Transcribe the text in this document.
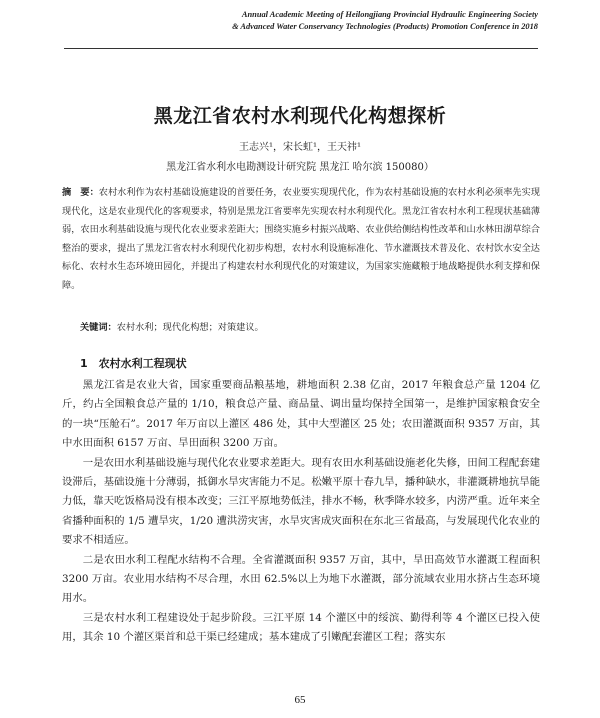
Annual Academic Meeting of Heilongjiang Provincial Hydraulic Engineering Society
& Advanced Water Conservancy Technologies (Products) Promotion Conference in 2018
黑龙江省农村水利现代化构想探析
王志兴¹，宋长虹¹，王天祎¹
黑龙江省水利水电勘测设计研究院 黑龙江 哈尔滨 150080）
摘　要：农村水利作为农村基础设施建设的首要任务，农业要实现现代化，作为农村基础设施的农村水利必须率先实现现代化，这是农业现代化的客观要求，特别是黑龙江省要率先实现农村水利现代化。黑龙江省农村水利工程现状基础薄弱，农田水利基础设施与现代化农业要求差距大；围绕实施乡村振兴战略、农业供给侧结构性改革和山水林田湖草综合整治的要求，提出了黑龙江省农村水利现代化初步构想，农村水利设施标准化、节水灌溉技术普及化、农村饮水安全达标化、农村水生态环境田园化，并提出了构建农村水利现代化的对策建议，为国家实施藏粮于地战略提供水利支撑和保障。
关键词：农村水利；现代化构想；对策建议。
1　农村水利工程现状

黑龙江省是农业大省，国家重要商品粮基地，耕地面积 2.38 亿亩，2017 年粮食总产量 1204 亿斤，约占全国粮食总产量的 1/10，粮食总产量、商品量、调出量均保持全国第一，是维护国家粮食安全的一块“压舱石”。2017 年万亩以上灌区 486 处，其中大型灌区 25 处；农田灌溉面积 9357 万亩，其中水田面积 6157 万亩、旱田面积 3200 万亩。

一是农田水利基础设施与现代化农业要求差距大。现有农田水利基础设施老化失修，田间工程配套建设滞后，基础设施十分薄弱，抵御水旱灾害能力不足。松嫩平原十春九旱，播种缺水，非灌溉耕地抗旱能力低，靠天吃饭格局没有根本改变；三江平原地势低洼，排水不畅，秋季降水较多，内涝严重。近年来全省播种面积的 1/5 遭旱灾，1/20 遭洪涝灾害，水旱灾害成灾面积在东北三省最高，与发展现代化农业的要求不相适应。

二是农田水利工程配水结构不合理。全省灌溉面积 9357 万亩，其中，旱田高效节水灌溉工程面积 3200 万亩。农业用水结构不尽合理，水田 62.5%以上为地下水灌溉，部分流域农业用水挤占生态环境用水。

三是农村水利工程建设处于起步阶段。三江平原 14 个灌区中的绥滨、勤得利等 4 个灌区已投入使用，其余 10 个灌区渠首和总干渠已经建成；基本建成了引嫩配套灌区工程；落实东

65
